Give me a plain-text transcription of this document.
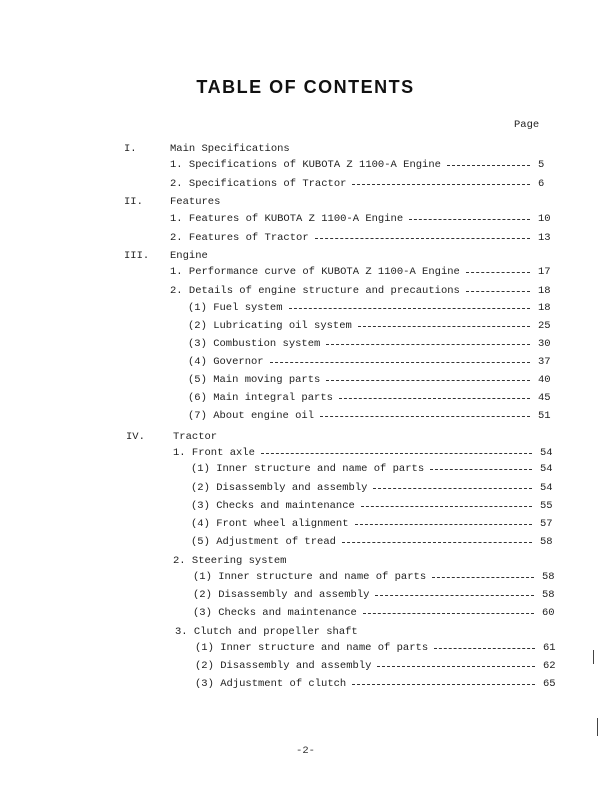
TABLE OF CONTENTS
Page
I.	Main Specifications
1. Specifications of KUBOTA Z 1100-A Engine	5
2. Specifications of Tractor	6
II.	Features
1. Features of KUBOTA Z 1100-A Engine	10
2. Features of Tractor	13
III. Engine
1. Performance curve of KUBOTA Z 1100-A Engine	17
2. Details of engine structure and precautions	18
(1) Fuel system	18
(2) Lubricating oil system	25
(3) Combustion system	30
(4) Governor	37
(5) Main moving parts	40
(6) Main integral parts	45
(7) About engine oil	51
IV.	Tractor
1. Front axle	54
(1) Inner structure and name of parts	54
(2) Disassembly and assembly	54
(3) Checks and maintenance	55
(4) Front wheel alignment	57
(5) Adjustment of tread	58
2. Steering system
(1) Inner structure and name of parts	58
(2) Disassembly and assembly	58
(3) Checks and maintenance	60
3. Clutch and propeller shaft
(1) Inner structure and name of parts	61
(2) Disassembly and assembly	62
(3) Adjustment of clutch	65
-2-
